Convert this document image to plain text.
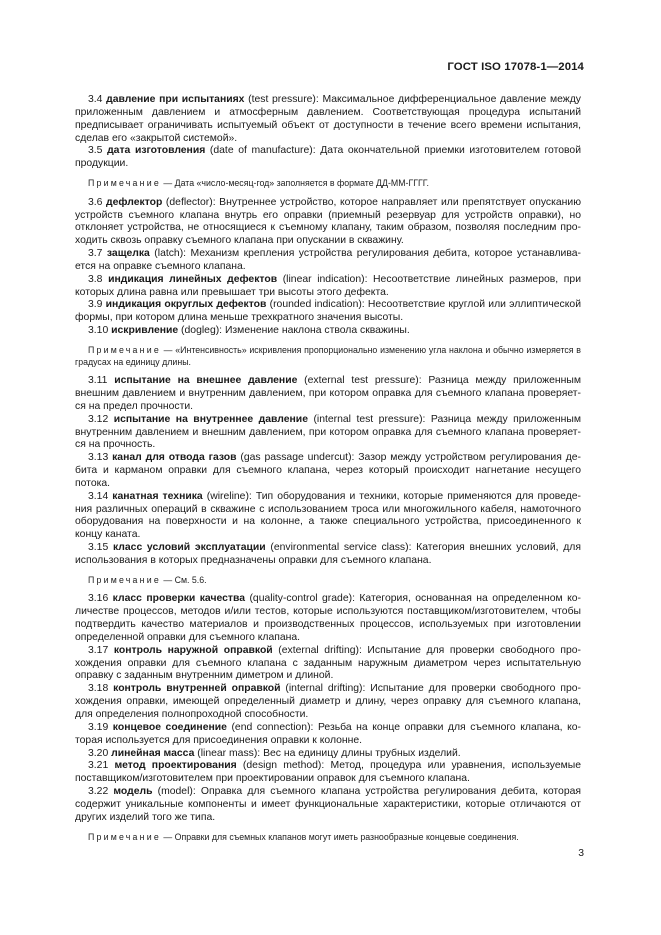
ГОСТ ISO 17078-1—2014

3.4 давление при испытаниях (test pressure): Максимальное дифференциальное давление между приложенным давлением и атмосферным давлением. Соответствующая процедура испытаний предписывает ограничивать испытуемый объект от доступности в течение всего времени испытания, сделав его «закрытой системой».

3.5 дата изготовления (date of manufacture): Дата окончательной приемки изготовителем готовой продукции.

Примечание — Дата «число-месяц-год» заполняется в формате ДД-ММ-ГГГГ.

3.6 дефлектор (deflector): Внутреннее устройство, которое направляет или препятствует опусканию устройств съемного клапана внутрь его оправки (приемный резервуар для устройств оправки), но отклоняет устройства, не относящиеся к съемному клапану, таким образом, позволяя последним проходить сквозь оправку съемного клапана при опускании в скважину.

3.7 защелка (latch): Механизм крепления устройства регулирования дебита, которое устанавливается на оправке съемного клапана.

3.8 индикация линейных дефектов (linear indication): Несоответствие линейных размеров, при которых длина равна или превышает три высоты этого дефекта.

3.9 индикация округлых дефектов (rounded indication): Несоответствие круглой или эллиптической формы, при котором длина меньше трехкратного значения высоты.

3.10 искривление (dogleg): Изменение наклона ствола скважины.

Примечание — «Интенсивность» искривления пропорционально изменению угла наклона и обычно измеряется в градусах на единицу длины.

3.11 испытание на внешнее давление (external test pressure): Разница между приложенным внешним давлением и внутренним давлением, при котором оправка для съемного клапана проверяется на предел прочности.

3.12 испытание на внутреннее давление (internal test pressure): Разница между приложенным внутренним давлением и внешним давлением, при котором оправка для съемного клапана проверяется на прочность.

3.13 канал для отвода газов (gas passage undercut): Зазор между устройством регулирования дебита и карманом оправки для съемного клапана, через который происходит нагнетание несущего потока.

3.14 канатная техника (wireline): Тип оборудования и техники, которые применяются для проведения различных операций в скважине с использованием троса или многожильного кабеля, намоточного оборудования на поверхности и на колонне, а также специального устройства, присоединенного к концу каната.

3.15 класс условий эксплуатации (environmental service class): Категория внешних условий, для использования в которых предназначены оправки для съемного клапана.

Примечание — См. 5.6.

3.16 класс проверки качества (quality-control grade): Категория, основанная на определенном количестве процессов, методов и/или тестов, которые используются поставщиком/изготовителем, чтобы подтвердить качество материалов и производственных процессов, используемых при изготовлении определенной оправки для съемного клапана.

3.17 контроль наружной оправкой (external drifting): Испытание для проверки свободного прохождения оправки для съемного клапана с заданным наружным диаметром через испытательную оправку с заданным внутренним диметром и длиной.

3.18 контроль внутренней оправкой (internal drifting): Испытание для проверки свободного прохождения оправки, имеющей определенный диаметр и длину, через оправку для съемного клапана, для определения полнопроходной способности.

3.19 концевое соединение (end connection): Резьба на конце оправки для съемного клапана, которая используется для присоединения оправки к колонне.

3.20 линейная масса (linear mass): Вес на единицу длины трубных изделий.

3.21 метод проектирования (design method): Метод, процедура или уравнения, используемые поставщиком/изготовителем при проектировании оправок для съемного клапана.

3.22 модель (model): Оправка для съемного клапана устройства регулирования дебита, которая содержит уникальные компоненты и имеет функциональные характеристики, которые отличаются от других изделий того же типа.

Примечание — Оправки для съемных клапанов могут иметь разнообразные концевые соединения.

3
